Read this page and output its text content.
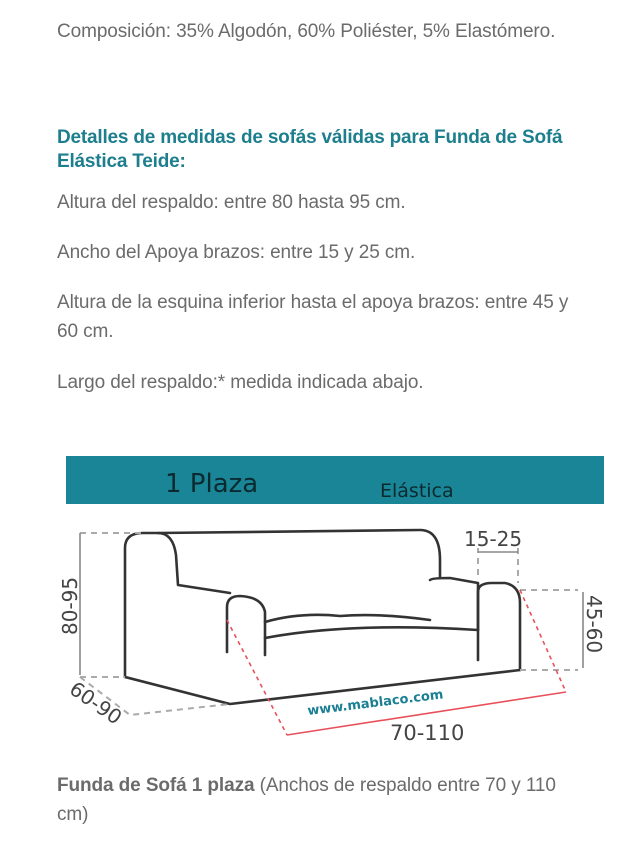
Composición: 35% Algodón, 60% Poliéster, 5% Elastómero.

Detalles de medidas de sofás válidas para Funda de Sofá Elástica Teide:

Altura del respaldo: entre 80 hasta 95 cm.

Ancho del Apoya brazos: entre 15 y 25 cm.

Altura de la esquina inferior hasta el apoya brazos: entre 45 y 60 cm.

Largo del respaldo:* medida indicada abajo.

Funda de Sofá 1 plaza (Anchos de respaldo entre 70 y 110 cm)

1 Plaza	Elástica
80-95
60-90
15-25
45-60
70-110
www.mablaco.com
